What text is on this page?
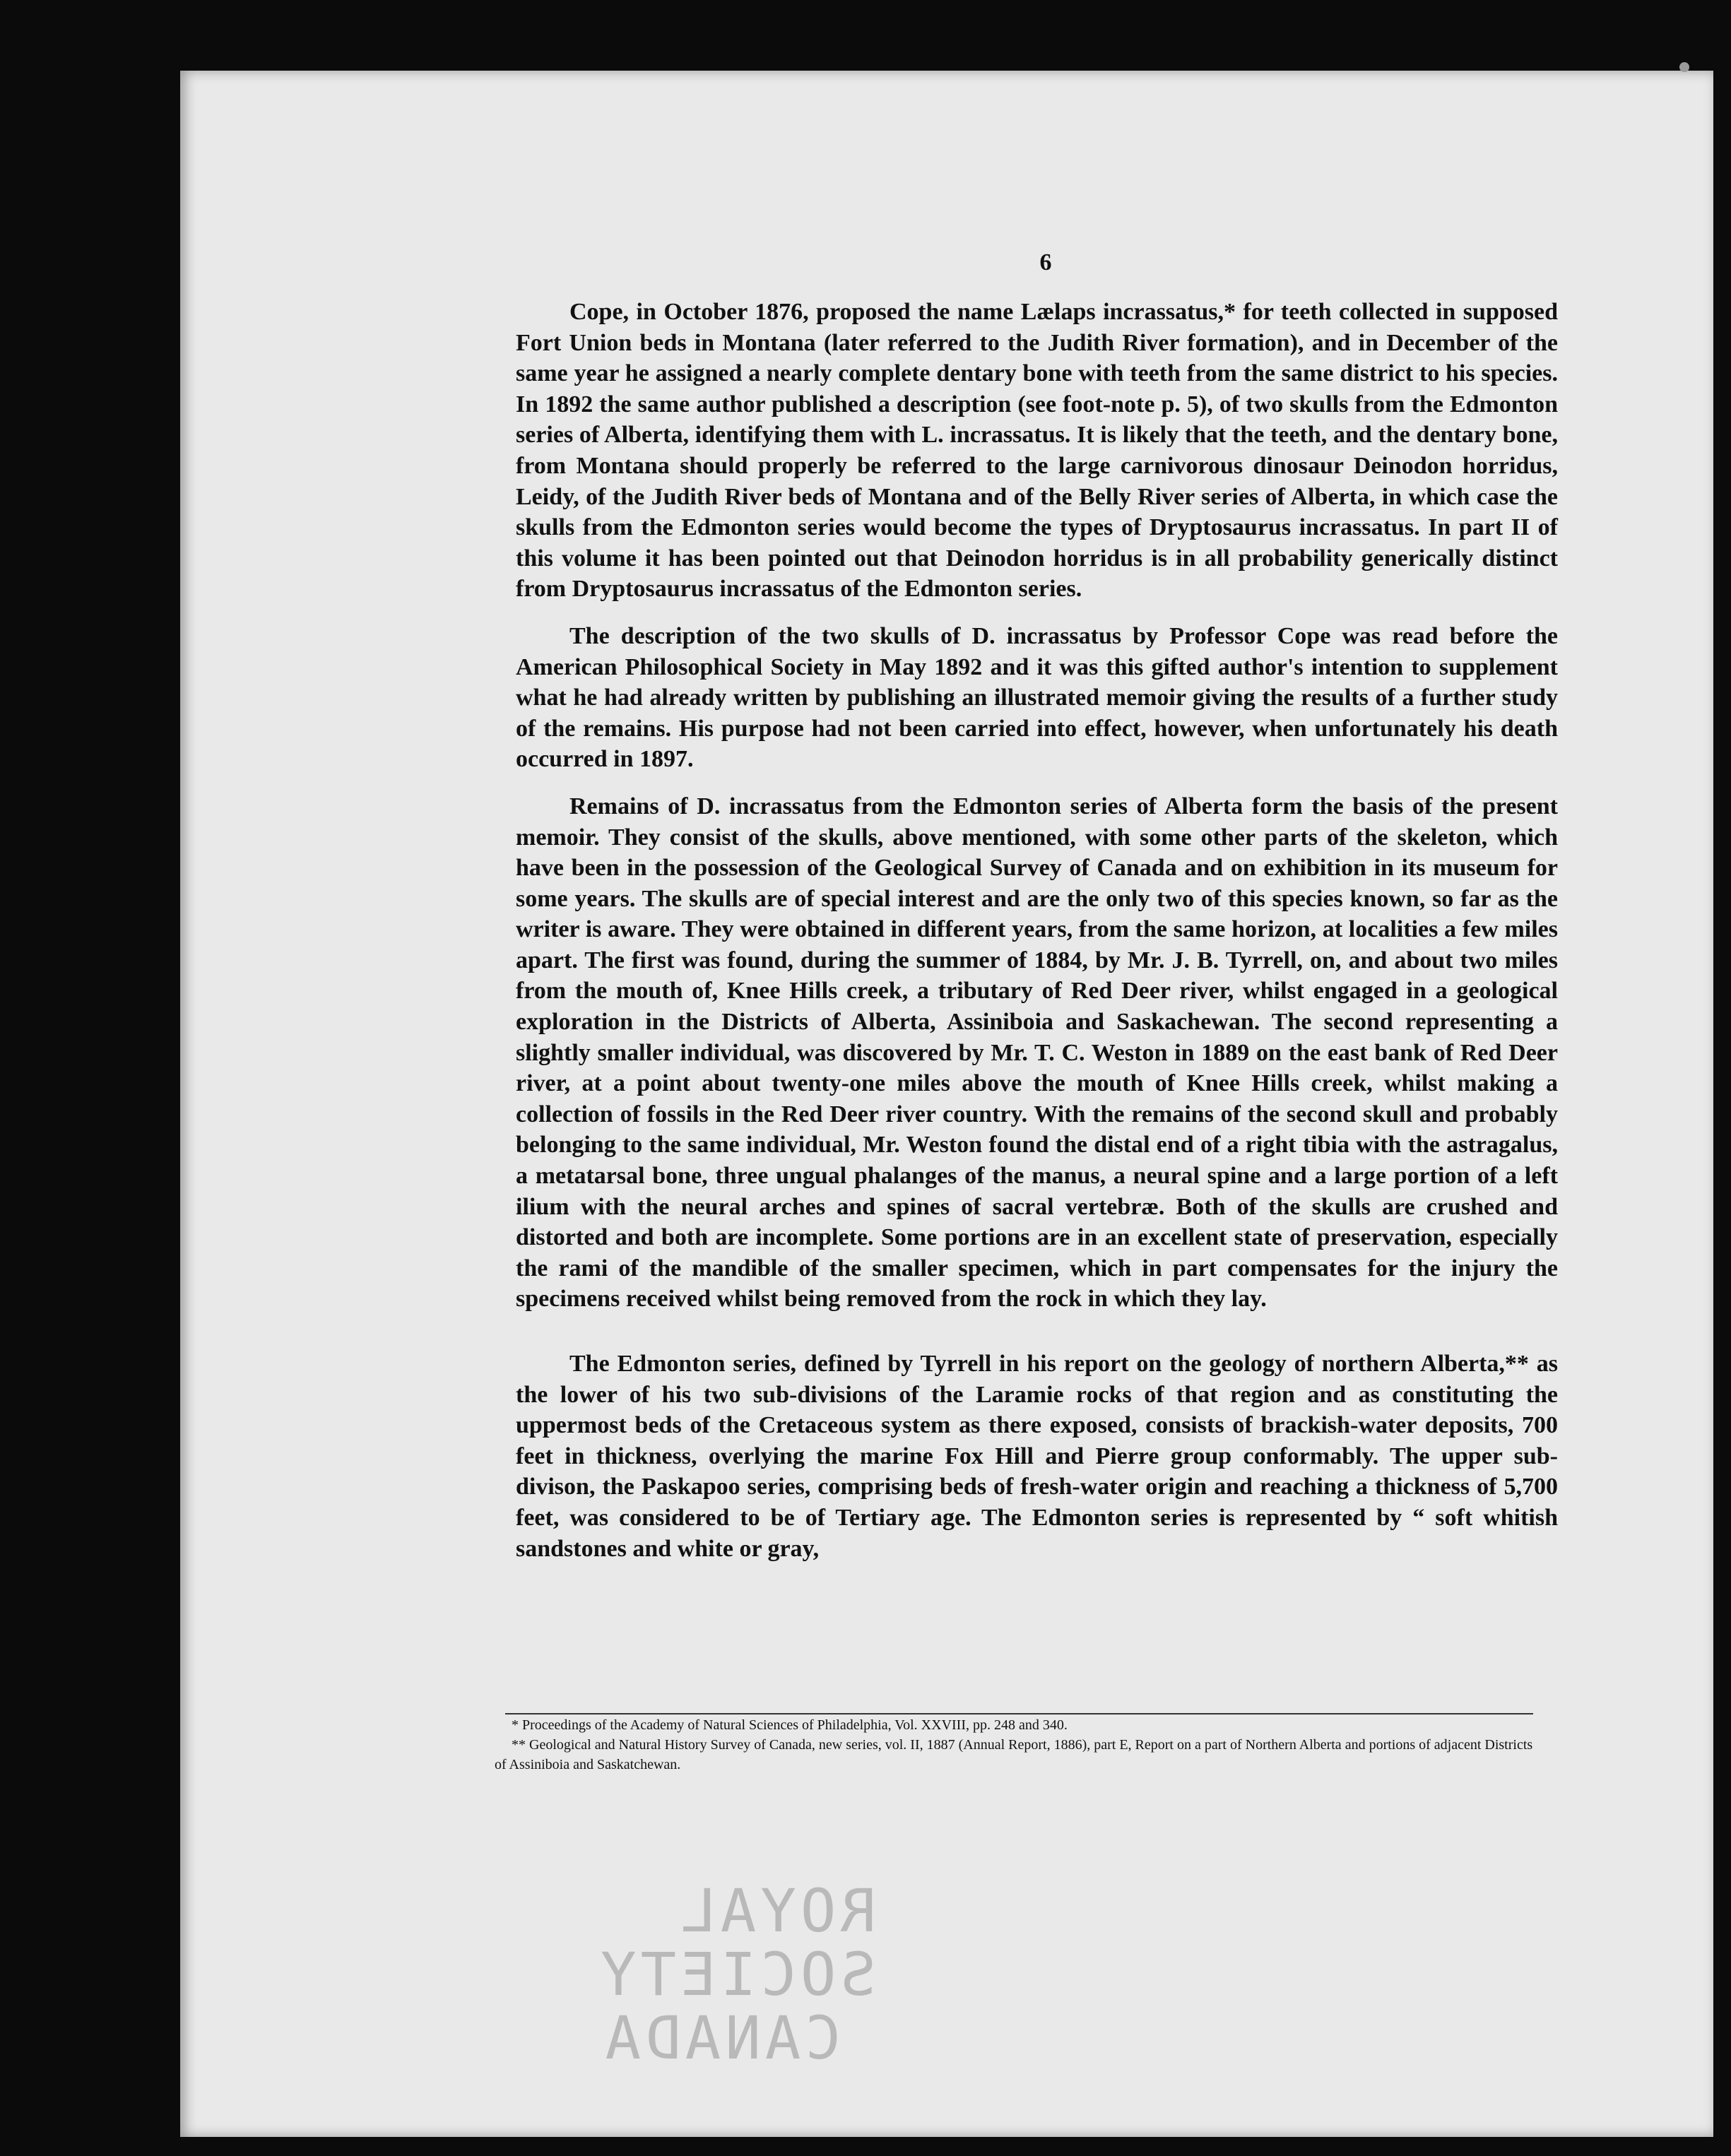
6

Cope, in October 1876, proposed the name Lælaps incrassatus,* for teeth collected in supposed Fort Union beds in Montana (later referred to the Judith River formation), and in December of the same year he assigned a nearly complete dentary bone with teeth from the same district to his species. In 1892 the same author published a description (see foot-note p. 5), of two skulls from the Edmonton series of Alberta, identifying them with L. incrassatus. It is likely that the teeth, and the dentary bone, from Montana should properly be referred to the large carnivorous dinosaur Deinodon horridus, Leidy, of the Judith River beds of Montana and of the Belly River series of Alberta, in which case the skulls from the Edmonton series would become the types of Dryptosaurus incrassatus. In part II of this volume it has been pointed out that Deinodon horridus is in all probability generically distinct from Dryptosaurus incrassatus of the Edmonton series.

The description of the two skulls of D. incrassatus by Professor Cope was read before the American Philosophical Society in May 1892 and it was this gifted author's intention to supplement what he had already written by publishing an illustrated memoir giving the results of a further study of the remains. His purpose had not been carried into effect, however, when unfortunately his death occurred in 1897.

Remains of D. incrassatus from the Edmonton series of Alberta form the basis of the present memoir. They consist of the skulls, above mentioned, with some other parts of the skeleton, which have been in the possession of the Geological Survey of Canada and on exhibition in its museum for some years. The skulls are of special interest and are the only two of this species known, so far as the writer is aware. They were obtained in different years, from the same horizon, at localities a few miles apart. The first was found, during the summer of 1884, by Mr. J. B. Tyrrell, on, and about two miles from the mouth of, Knee Hills creek, a tributary of Red Deer river, whilst engaged in a geological exploration in the Districts of Alberta, Assiniboia and Saskachewan. The second representing a slightly smaller individual, was discovered by Mr. T. C. Weston in 1889 on the east bank of Red Deer river, at a point about twenty-one miles above the mouth of Knee Hills creek, whilst making a collection of fossils in the Red Deer river country. With the remains of the second skull and probably belonging to the same individual, Mr. Weston found the distal end of a right tibia with the astragalus, a metatarsal bone, three ungual phalanges of the manus, a neural spine and a large portion of a left ilium with the neural arches and spines of sacral vertebræ. Both of the skulls are crushed and distorted and both are incomplete. Some portions are in an excellent state of preservation, especially the rami of the mandible of the smaller specimen, which in part compensates for the injury the specimens received whilst being removed from the rock in which they lay.

The Edmonton series, defined by Tyrrell in his report on the geology of northern Alberta,** as the lower of his two sub-divisions of the Laramie rocks of that region and as constituting the uppermost beds of the Cretaceous system as there exposed, consists of brackish-water deposits, 700 feet in thickness, overlying the marine Fox Hill and Pierre group conformably. The upper sub-divison, the Paskapoo series, comprising beds of fresh-water origin and reaching a thickness of 5,700 feet, was considered to be of Tertiary age. The Edmonton series is represented by “ soft whitish sandstones and white or gray,

* Proceedings of the Academy of Natural Sciences of Philadelphia, Vol. XXVIII, pp. 248 and 340.

** Geological and Natural History Survey of Canada, new series, vol. II, 1887 (Annual Report, 1886), part E, Report on a part of Northern Alberta and portions of adjacent Districts of Assiniboia and Saskatchewan.

ROYAL SOCIETY
CANADA
